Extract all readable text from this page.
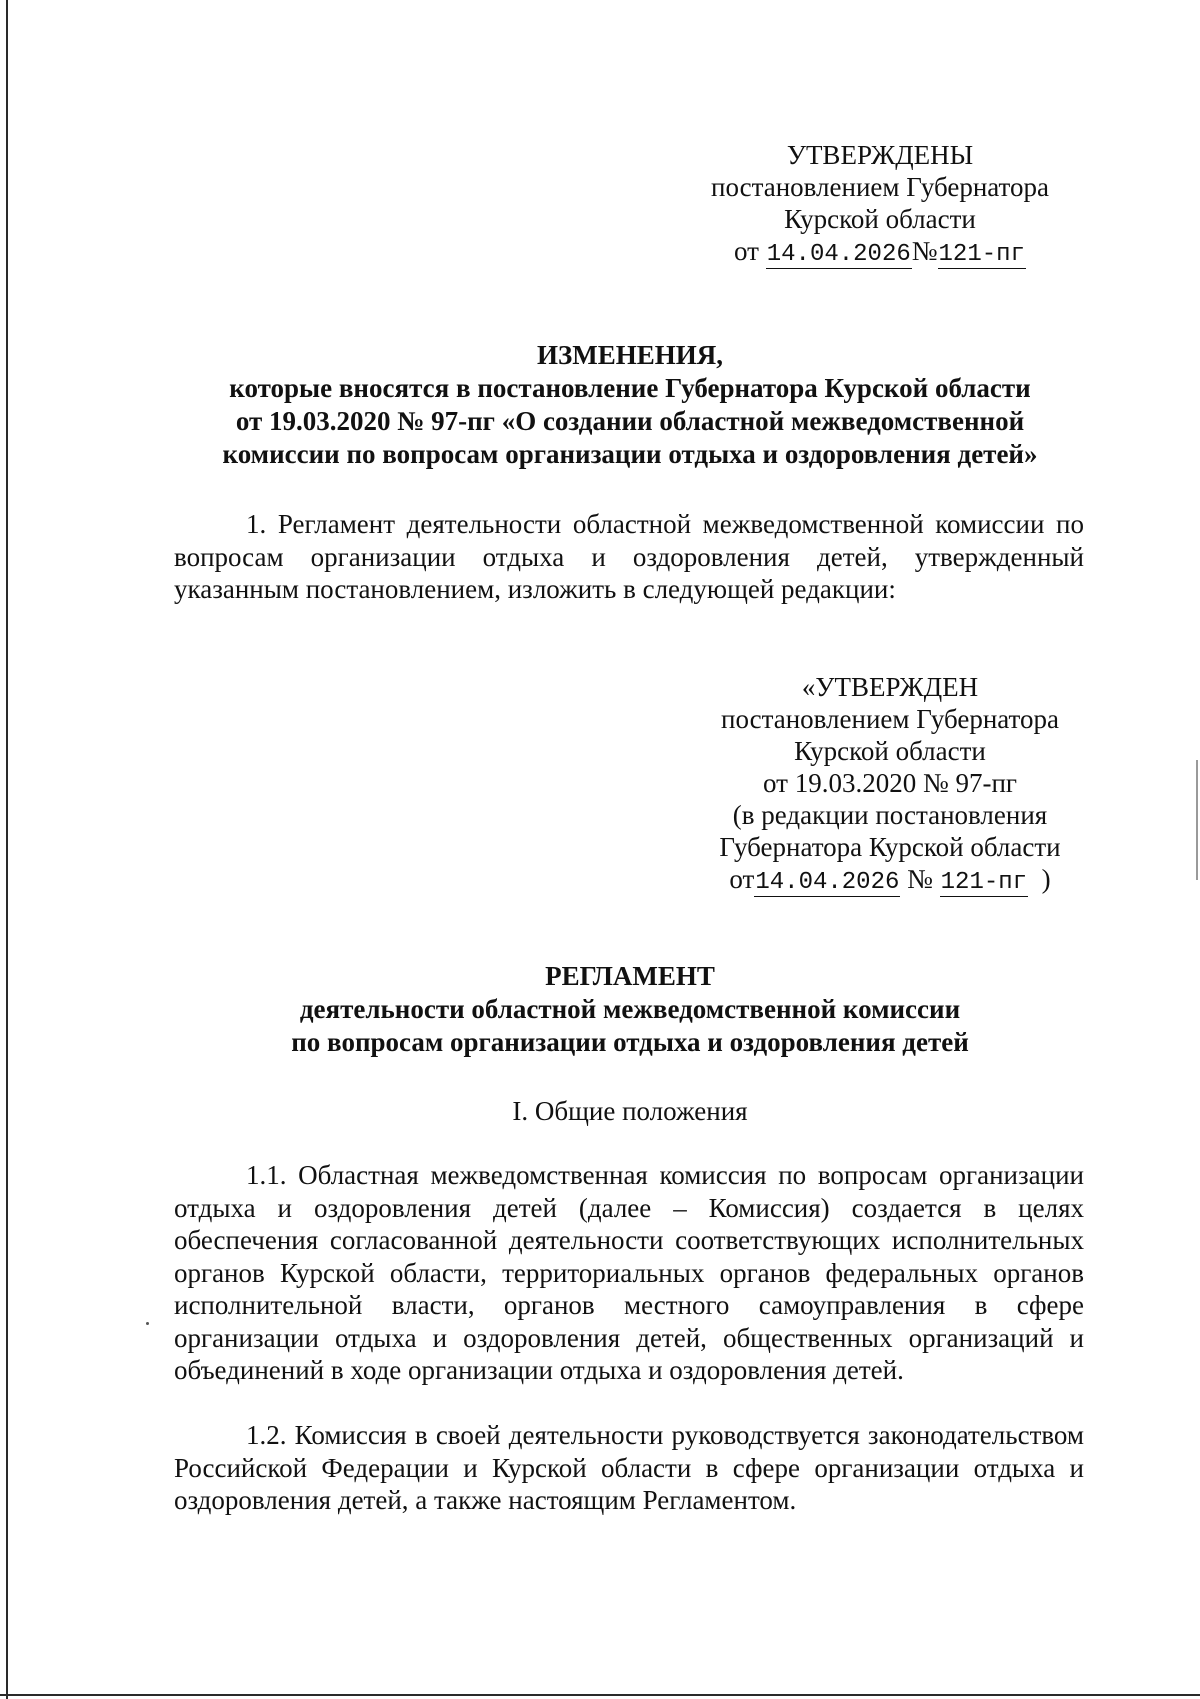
УТВЕРЖДЕНЫ
постановлением Губернатора
Курской области
от 14.04.2026№121-пг
ИЗМЕНЕНИЯ,
которые вносятся в постановление Губернатора Курской области
от 19.03.2020 № 97-пг «О создании областной межведомственной
комиссии по вопросам организации отдыха и оздоровления детей»
1. Регламент деятельности областной межведомственной комиссии по вопросам организации отдыха и оздоровления детей, утвержденный указанным постановлением, изложить в следующей редакции:
«УТВЕРЖДЕН
постановлением Губернатора
Курской области
от 19.03.2020 № 97-пг
(в редакции постановления
Губернатора Курской области
от14.04.2026 № 121-пг )
РЕГЛАМЕНТ
деятельности областной межведомственной комиссии
по вопросам организации отдыха и оздоровления детей
I. Общие положения
1.1. Областная межведомственная комиссия по вопросам организации отдыха и оздоровления детей (далее – Комиссия) создается в целях обеспечения согласованной деятельности соответствующих исполнительных органов Курской области, территориальных органов федеральных органов исполнительной власти, органов местного самоуправления в сфере организации отдыха и оздоровления детей, общественных организаций и объединений в ходе организации отдыха и оздоровления детей.
1.2. Комиссия в своей деятельности руководствуется законодательством Российской Федерации и Курской области в сфере организации отдыха и оздоровления детей, а также настоящим Регламентом.
